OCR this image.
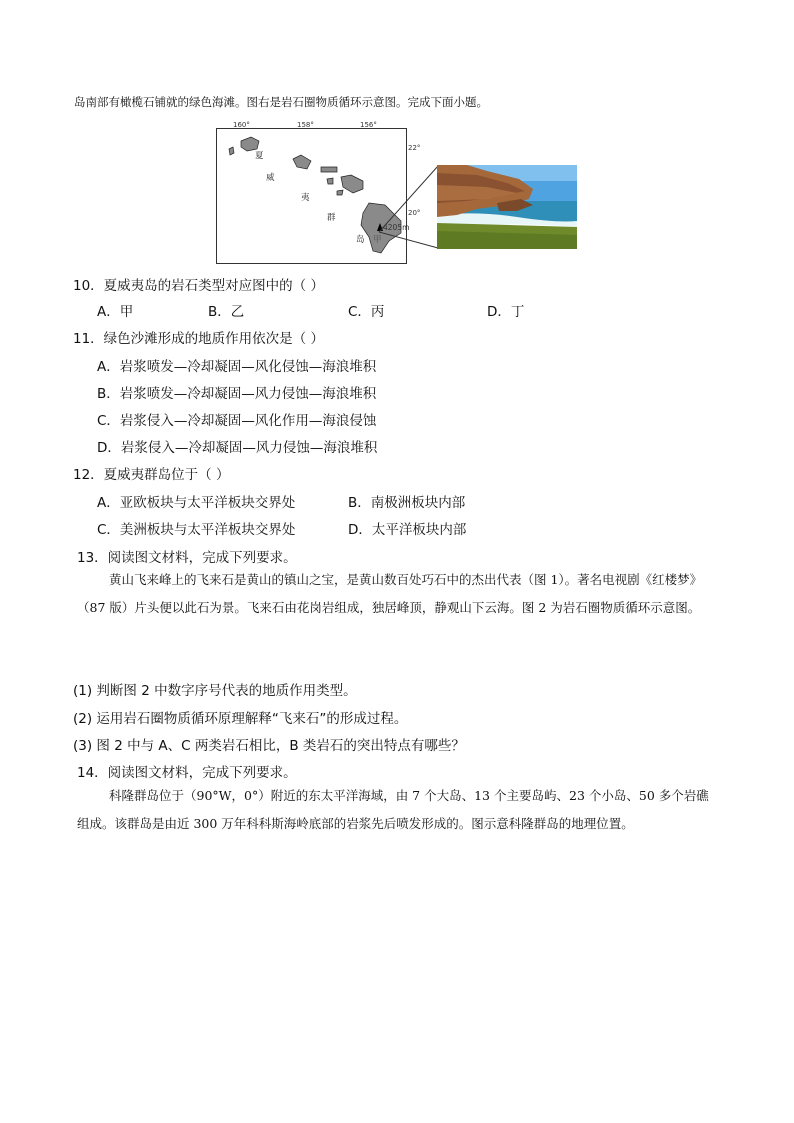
岛南部有橄榄石铺就的绿色海滩。图右是岩石圈物质循环示意图。完成下面小题。
160°	158°	156°
22°
20°
夏
威
夷
群
岛 甲
4205m
10．夏威夷岛的岩石类型对应图中的（ ）
A．甲	B．乙	C．丙	D．丁
11．绿色沙滩形成的地质作用依次是（ ）
A．岩浆喷发—冷却凝固—风化侵蚀—海浪堆积
B．岩浆喷发—冷却凝固—风力侵蚀—海浪堆积
C．岩浆侵入—冷却凝固—风化作用—海浪侵蚀
D．岩浆侵入—冷却凝固—风力侵蚀—海浪堆积
12．夏威夷群岛位于（ ）
A．亚欧板块与太平洋板块交界处	B．南极洲板块内部
C．美洲板块与太平洋板块交界处	D．太平洋板块内部
13．阅读图文材料，完成下列要求。
黄山飞来峰上的飞来石是黄山的镇山之宝，是黄山数百处巧石中的杰出代表（图 1）。著名电视剧《红楼梦》（87 版）片头便以此石为景。飞来石由花岗岩组成，独居峰顶，静观山下云海。图 2 为岩石圈物质循环示意图。
(1) 判断图 2 中数字序号代表的地质作用类型。
(2) 运用岩石圈物质循环原理解释“飞来石”的形成过程。
(3) 图 2 中与 A、C 两类岩石相比，B 类岩石的突出特点有哪些？
14．阅读图文材料，完成下列要求。
科隆群岛位于（90°W，0°）附近的东太平洋海域，由 7 个大岛、13 个主要岛屿、23 个小岛、50 多个岩礁组成。该群岛是由近 300 万年科科斯海岭底部的岩浆先后喷发形成的。图示意科隆群岛的地理位置。
